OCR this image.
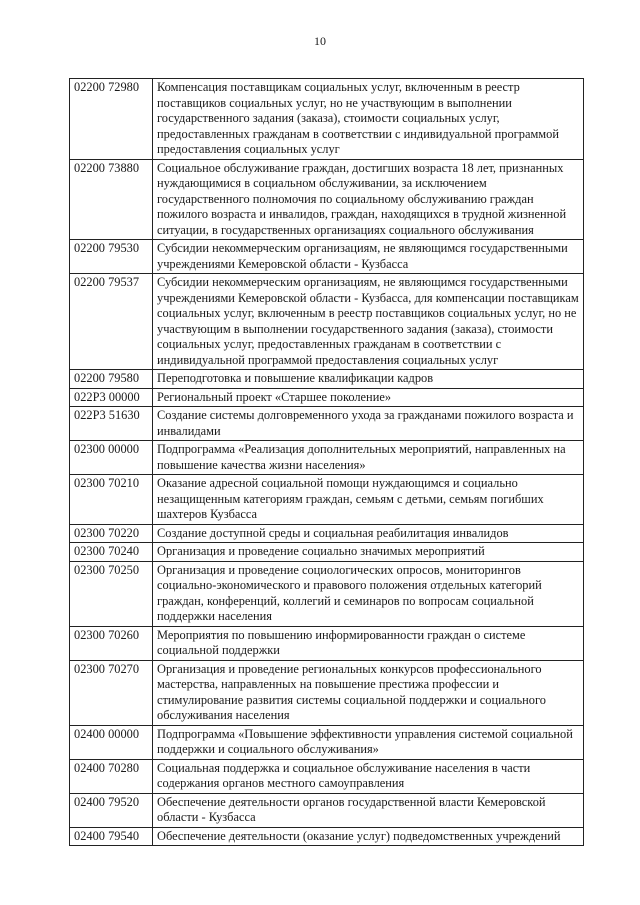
10
02200 72980	Компенсация поставщикам социальных услуг, включенным в реестр поставщиков социальных услуг, но не участвующим в выполнении государственного задания (заказа), стоимости социальных услуг, предоставленных гражданам в соответствии с индивидуальной программой предоставления социальных услуг
02200 73880	Социальное обслуживание граждан, достигших возраста 18 лет, признанных нуждающимися в социальном обслуживании, за исключением государственного полномочия по социальному обслуживанию граждан пожилого возраста и инвалидов, граждан, находящихся в трудной жизненной ситуации, в государственных организациях социального обслуживания
02200 79530	Субсидии некоммерческим организациям, не являющимся государственными учреждениями Кемеровской области - Кузбасса
02200 79537	Субсидии некоммерческим организациям, не являющимся государственными учреждениями Кемеровской области - Кузбасса, для компенсации поставщикам социальных услуг, включенным в реестр поставщиков социальных услуг, но не участвующим в выполнении государственного задания (заказа), стоимости социальных услуг, предоставленных гражданам в соответствии с индивидуальной программой предоставления социальных услуг
02200 79580	Переподготовка и повышение квалификации кадров
022P3 00000	Региональный проект «Старшее поколение»
022P3 51630	Создание системы долговременного ухода за гражданами пожилого возраста и инвалидами
02300 00000	Подпрограмма «Реализация дополнительных мероприятий, направленных на повышение качества жизни населения»
02300 70210	Оказание адресной социальной помощи нуждающимся и социально незащищенным категориям граждан, семьям с детьми, семьям погибших шахтеров Кузбасса
02300 70220	Создание доступной среды и социальная реабилитация инвалидов
02300 70240	Организация и проведение социально значимых мероприятий
02300 70250	Организация и проведение социологических опросов, мониторингов социально-экономического и правового положения отдельных категорий граждан, конференций, коллегий и семинаров по вопросам социальной поддержки населения
02300 70260	Мероприятия по повышению информированности граждан о системе социальной поддержки
02300 70270	Организация и проведение региональных конкурсов профессионального мастерства, направленных на повышение престижа профессии и стимулирование развития системы социальной поддержки и социального обслуживания населения
02400 00000	Подпрограмма «Повышение эффективности управления системой социальной поддержки и социального обслуживания»
02400 70280	Социальная поддержка и социальное обслуживание населения в части содержания органов местного самоуправления
02400 79520	Обеспечение деятельности органов государственной власти Кемеровской области - Кузбасса
02400 79540	Обеспечение деятельности (оказание услуг) подведомственных учреждений
